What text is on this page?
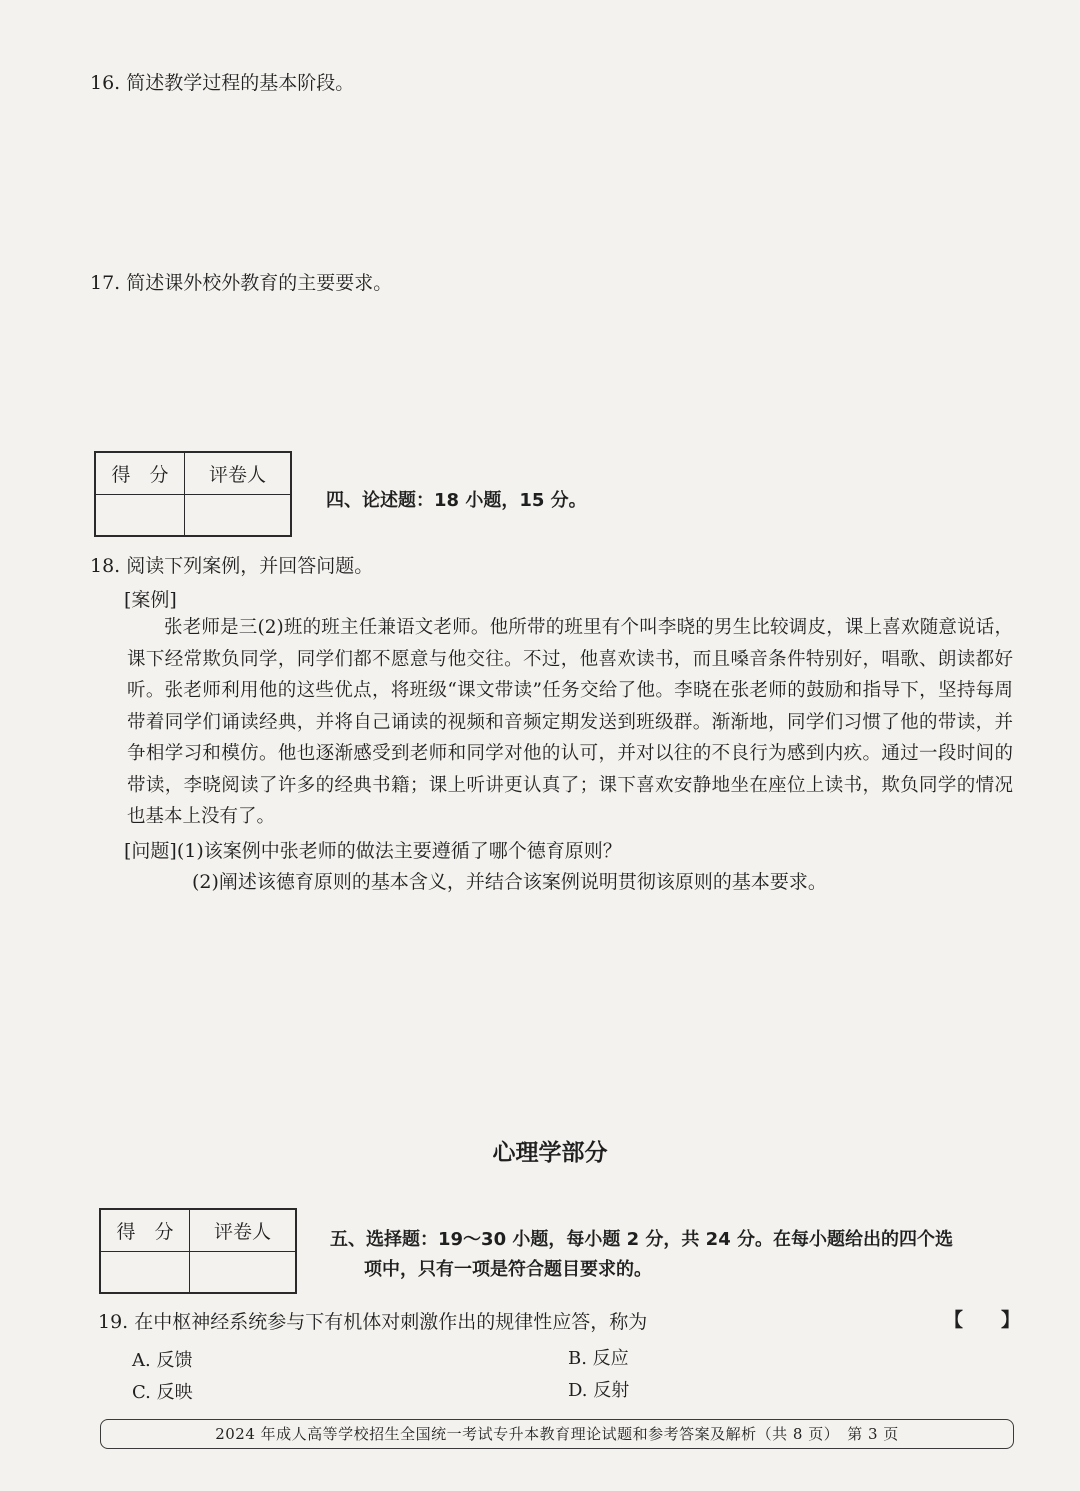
16. 简述教学过程的基本阶段。
17. 简述课外校外教育的主要要求。
得　分	评卷人

四、论述题：18 小题，15 分。
18. 阅读下列案例，并回答问题。
[案例]
张老师是三(2)班的班主任兼语文老师。他所带的班里有个叫李晓的男生比较调皮，课上喜欢随意说话，课下经常欺负同学，同学们都不愿意与他交往。不过，他喜欢读书，而且嗓音条件特别好，唱歌、朗读都好听。张老师利用他的这些优点，将班级“课文带读”任务交给了他。李晓在张老师的鼓励和指导下，坚持每周带着同学们诵读经典，并将自己诵读的视频和音频定期发送到班级群。渐渐地，同学们习惯了他的带读，并争相学习和模仿。他也逐渐感受到老师和同学对他的认可，并对以往的不良行为感到内疚。通过一段时间的带读，李晓阅读了许多的经典书籍；课上听讲更认真了；课下喜欢安静地坐在座位上读书，欺负同学的情况也基本上没有了。
[问题](1)该案例中张老师的做法主要遵循了哪个德育原则？
(2)阐述该德育原则的基本含义，并结合该案例说明贯彻该原则的基本要求。
心理学部分
得　分	评卷人
		五、选择题：19～30 小题，每小题 2 分，共 24 分。在每小题给出的四个选
项中，只有一项是符合题目要求的。
19. 在中枢神经系统参与下有机体对刺激作出的规律性应答，称为	【　　】
A. 反馈	B. 反应
C. 反映	D. 反射
2024 年成人高等学校招生全国统一考试专升本教育理论试题和参考答案及解析（共 8 页）　第 3 页
